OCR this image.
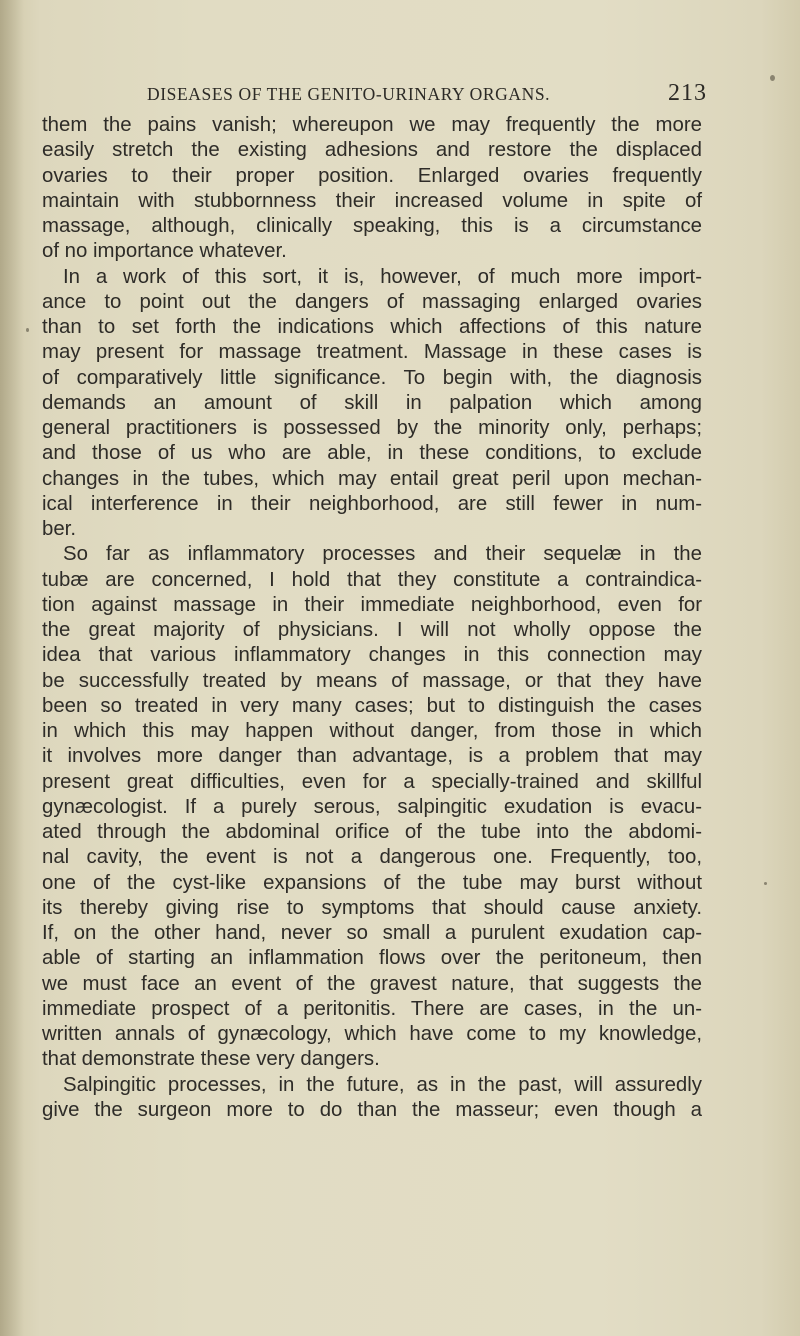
DISEASES OF THE GENITO-URINARY ORGANS.	213
them the pains vanish; whereupon we may frequently the more
easily stretch the existing adhesions and restore the displaced
ovaries to their proper position. Enlarged ovaries frequently
maintain with stubbornness their increased volume in spite of
massage, although, clinically speaking, this is a circumstance
of no importance whatever.
In a work of this sort, it is, however, of much more import-
ance to point out the dangers of massaging enlarged ovaries
than to set forth the indications which affections of this nature
may present for massage treatment. Massage in these cases is
of comparatively little significance. To begin with, the diagnosis
demands an amount of skill in palpation which among
general practitioners is possessed by the minority only, perhaps;
and those of us who are able, in these conditions, to exclude
changes in the tubes, which may entail great peril upon mechan-
ical interference in their neighborhood, are still fewer in num-
ber.
So far as inflammatory processes and their sequelæ in the
tubæ are concerned, I hold that they constitute a contraindica-
tion against massage in their immediate neighborhood, even for
the great majority of physicians. I will not wholly oppose the
idea that various inflammatory changes in this connection may
be successfully treated by means of massage, or that they have
been so treated in very many cases; but to distinguish the cases
in which this may happen without danger, from those in which
it involves more danger than advantage, is a problem that may
present great difficulties, even for a specially-trained and skillful
gynæcologist. If a purely serous, salpingitic exudation is evacu-
ated through the abdominal orifice of the tube into the abdomi-
nal cavity, the event is not a dangerous one. Frequently, too,
one of the cyst-like expansions of the tube may burst without
its thereby giving rise to symptoms that should cause anxiety.
If, on the other hand, never so small a purulent exudation cap-
able of starting an inflammation flows over the peritoneum, then
we must face an event of the gravest nature, that suggests the
immediate prospect of a peritonitis. There are cases, in the un-
written annals of gynæcology, which have come to my knowledge,
that demonstrate these very dangers.
Salpingitic processes, in the future, as in the past, will assuredly
give the surgeon more to do than the masseur; even though a
